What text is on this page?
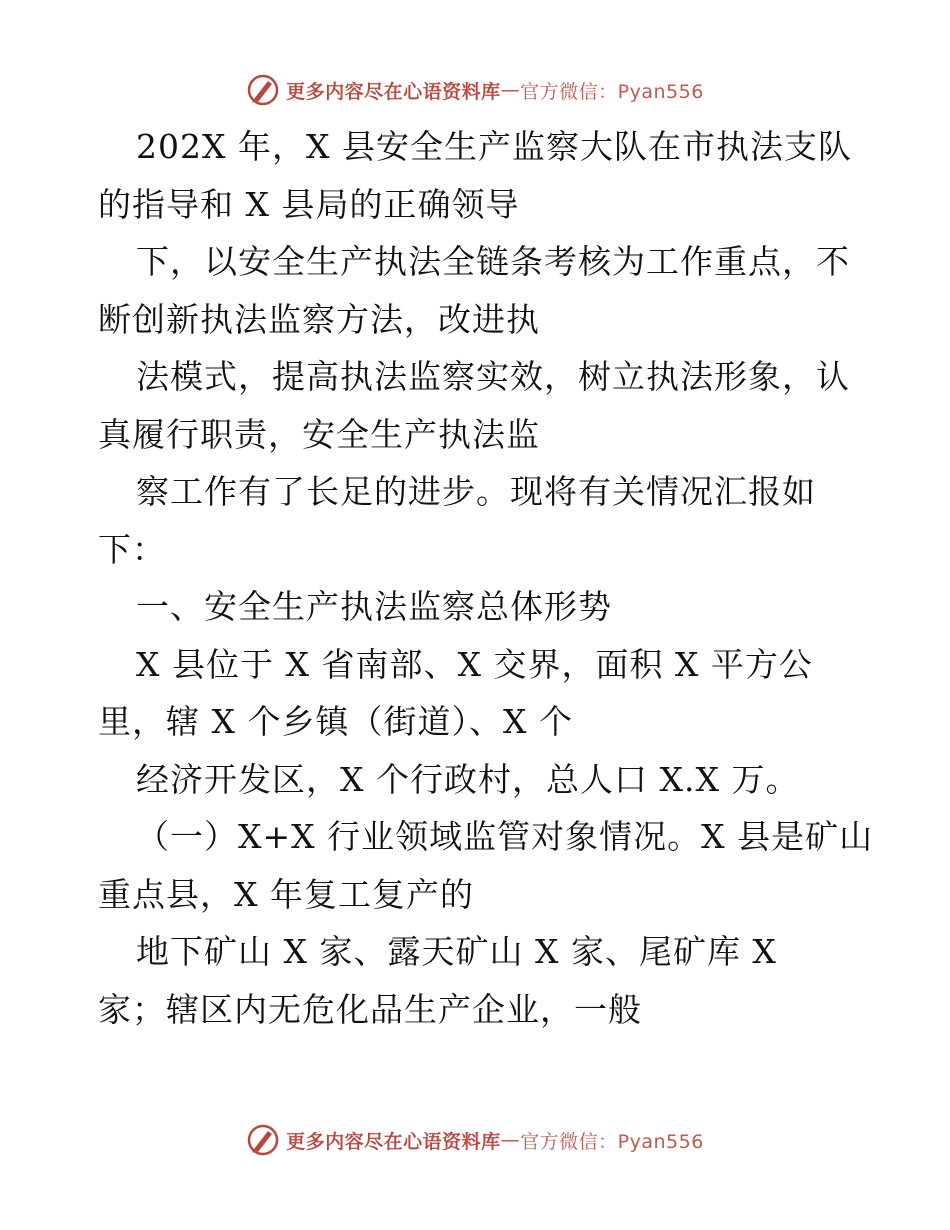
更多内容尽在心语资料库 — 官方微信：Pyan556
202X 年，X 县安全生产监察大队在市执法支队
的指导和 X 县局的正确领导
下，以安全生产执法全链条考核为工作重点，不
断创新执法监察方法，改进执
法模式，提高执法监察实效，树立执法形象，认
真履行职责，安全生产执法监
察工作有了长足的进步。现将有关情况汇报如
下：
一、安全生产执法监察总体形势
X 县位于 X 省南部、X 交界，面积 X 平方公
里，辖 X 个乡镇（街道）、X 个
经济开发区，X 个行政村，总人口 X.X 万。
（一）X+X 行业领域监管对象情况。X 县是矿山
重点县，X 年复工复产的
地下矿山 X 家、露天矿山 X 家、尾矿库 X
家；辖区内无危化品生产企业，一般
更多内容尽在心语资料库 — 官方微信：Pyan556
